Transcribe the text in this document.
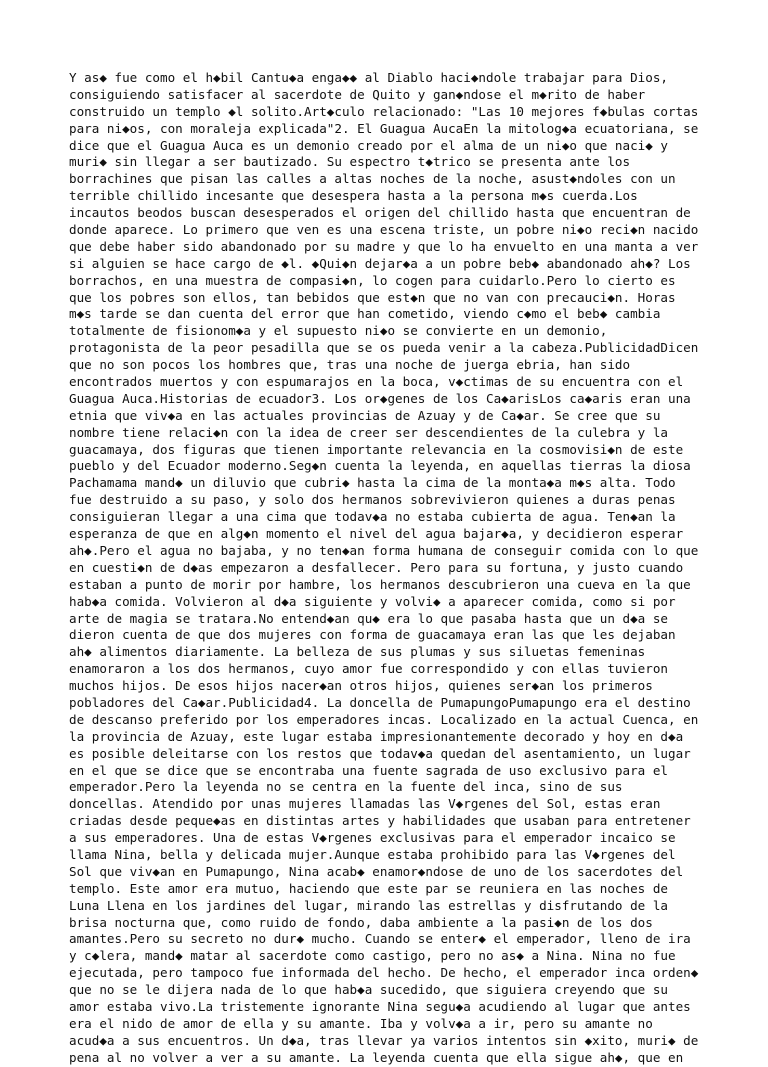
Y as◆ fue como el h◆bil Cantu◆a enga◆◆ al Diablo haci◆ndole trabajar para Dios,
consiguiendo satisfacer al sacerdote de Quito y gan◆ndose el m◆rito de haber
construido un templo ◆l solito.Art◆culo relacionado: "Las 10 mejores f◆bulas cortas
para ni◆os, con moraleja explicada"2. El Guagua AucaEn la mitolog◆a ecuatoriana, se
dice que el Guagua Auca es un demonio creado por el alma de un ni◆o que naci◆ y
muri◆ sin llegar a ser bautizado. Su espectro t◆trico se presenta ante los
borrachines que pisan las calles a altas noches de la noche, asust◆ndoles con un
terrible chillido incesante que desespera hasta a la persona m◆s cuerda.Los
incautos beodos buscan desesperados el origen del chillido hasta que encuentran de
donde aparece. Lo primero que ven es una escena triste, un pobre ni◆o reci◆n nacido
que debe haber sido abandonado por su madre y que lo ha envuelto en una manta a ver
si alguien se hace cargo de ◆l. ◆Qui◆n dejar◆a a un pobre beb◆ abandonado ah◆? Los
borrachos, en una muestra de compasi◆n, lo cogen para cuidarlo.Pero lo cierto es
que los pobres son ellos, tan bebidos que est◆n que no van con precauci◆n. Horas
m◆s tarde se dan cuenta del error que han cometido, viendo c◆mo el beb◆ cambia
totalmente de fisionom◆a y el supuesto ni◆o se convierte en un demonio,
protagonista de la peor pesadilla que se os pueda venir a la cabeza.PublicidadDicen
que no son pocos los hombres que, tras una noche de juerga ebria, han sido
encontrados muertos y con espumarajos en la boca, v◆ctimas de su encuentra con el
Guagua Auca.Historias de ecuador3. Los or◆genes de los Ca◆arisLos ca◆aris eran una
etnia que viv◆a en las actuales provincias de Azuay y de Ca◆ar. Se cree que su
nombre tiene relaci◆n con la idea de creer ser descendientes de la culebra y la
guacamaya, dos figuras que tienen importante relevancia en la cosmovisi◆n de este
pueblo y del Ecuador moderno.Seg◆n cuenta la leyenda, en aquellas tierras la diosa
Pachamama mand◆ un diluvio que cubri◆ hasta la cima de la monta◆a m◆s alta. Todo
fue destruido a su paso, y solo dos hermanos sobrevivieron quienes a duras penas
consiguieran llegar a una cima que todav◆a no estaba cubierta de agua. Ten◆an la
esperanza de que en alg◆n momento el nivel del agua bajar◆a, y decidieron esperar
ah◆.Pero el agua no bajaba, y no ten◆an forma humana de conseguir comida con lo que
en cuesti◆n de d◆as empezaron a desfallecer. Pero para su fortuna, y justo cuando
estaban a punto de morir por hambre, los hermanos descubrieron una cueva en la que
hab◆a comida. Volvieron al d◆a siguiente y volvi◆ a aparecer comida, como si por
arte de magia se tratara.No entend◆an qu◆ era lo que pasaba hasta que un d◆a se
dieron cuenta de que dos mujeres con forma de guacamaya eran las que les dejaban
ah◆ alimentos diariamente. La belleza de sus plumas y sus siluetas femeninas
enamoraron a los dos hermanos, cuyo amor fue correspondido y con ellas tuvieron
muchos hijos. De esos hijos nacer◆an otros hijos, quienes ser◆an los primeros
pobladores del Ca◆ar.Publicidad4. La doncella de PumapungoPumapungo era el destino
de descanso preferido por los emperadores incas. Localizado en la actual Cuenca, en
la provincia de Azuay, este lugar estaba impresionantemente decorado y hoy en d◆a
es posible deleitarse con los restos que todav◆a quedan del asentamiento, un lugar
en el que se dice que se encontraba una fuente sagrada de uso exclusivo para el
emperador.Pero la leyenda no se centra en la fuente del inca, sino de sus
doncellas. Atendido por unas mujeres llamadas las V◆rgenes del Sol, estas eran
criadas desde peque◆as en distintas artes y habilidades que usaban para entretener
a sus emperadores. Una de estas V◆rgenes exclusivas para el emperador incaico se
llama Nina, bella y delicada mujer.Aunque estaba prohibido para las V◆rgenes del
Sol que viv◆an en Pumapungo, Nina acab◆ enamor◆ndose de uno de los sacerdotes del
templo. Este amor era mutuo, haciendo que este par se reuniera en las noches de
Luna Llena en los jardines del lugar, mirando las estrellas y disfrutando de la
brisa nocturna que, como ruido de fondo, daba ambiente a la pasi◆n de los dos
amantes.Pero su secreto no dur◆ mucho. Cuando se enter◆ el emperador, lleno de ira
y c◆lera, mand◆ matar al sacerdote como castigo, pero no as◆ a Nina. Nina no fue
ejecutada, pero tampoco fue informada del hecho. De hecho, el emperador inca orden◆
que no se le dijera nada de lo que hab◆a sucedido, que siguiera creyendo que su
amor estaba vivo.La tristemente ignorante Nina segu◆a acudiendo al lugar que antes
era el nido de amor de ella y su amante. Iba y volv◆a a ir, pero su amante no
acud◆a a sus encuentros. Un d◆a, tras llevar ya varios intentos sin ◆xito, muri◆ de
pena al no volver a ver a su amante. La leyenda cuenta que ella sigue ah◆, que en
